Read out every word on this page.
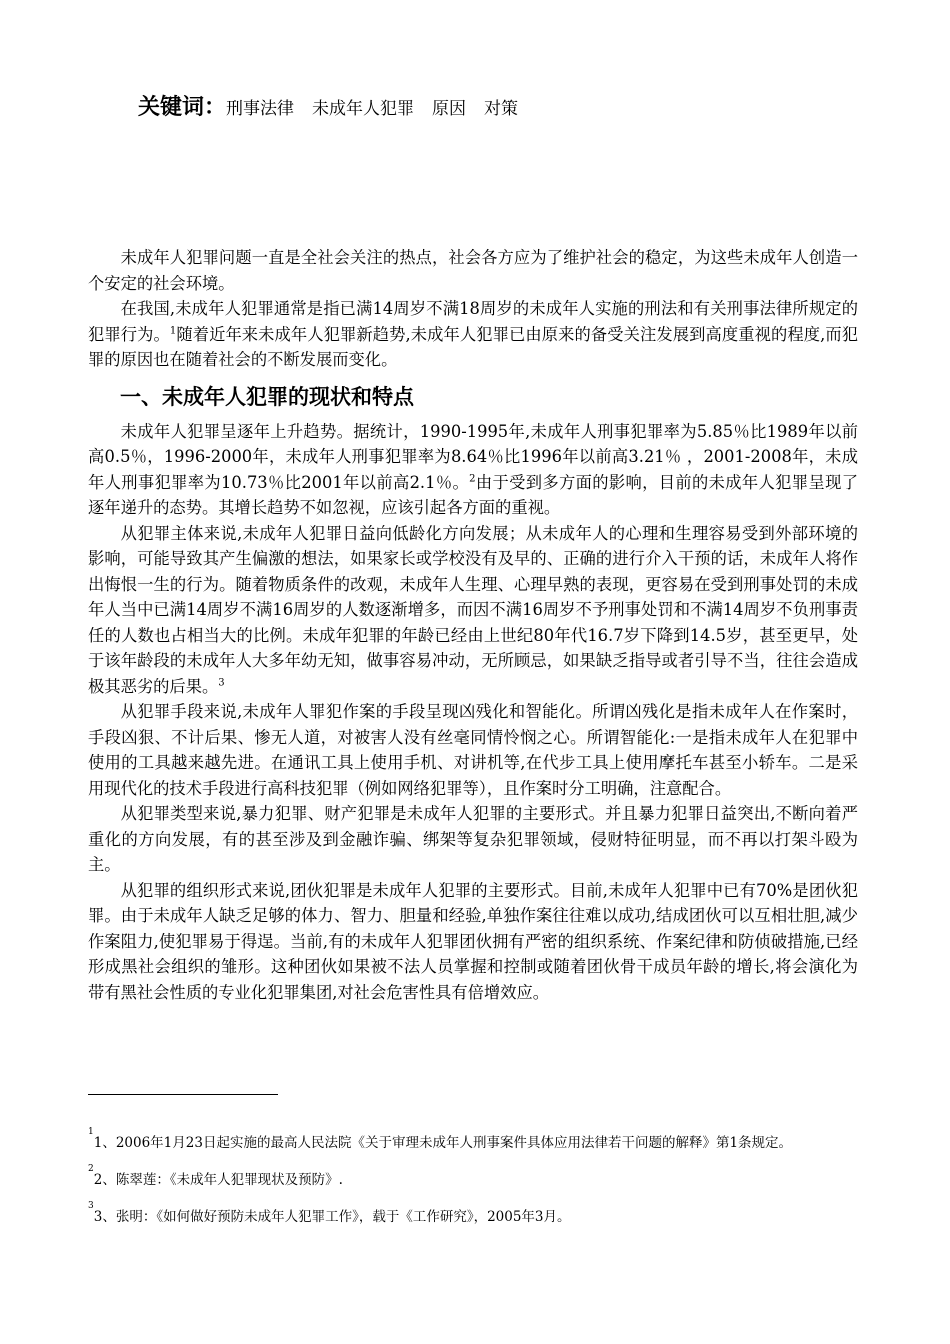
关键词：刑事法律 未成年人犯罪 原因 对策

未成年人犯罪问题一直是全社会关注的热点，社会各方应为了维护社会的稳定，为这些未成年人创造一个安定的社会环境。

在我国,未成年人犯罪通常是指已满14周岁不满18周岁的未成年人实施的刑法和有关刑事法律所规定的犯罪行为。$^1$随着近年来未成年人犯罪新趋势,未成年人犯罪已由原来的备受关注发展到高度重视的程度,而犯罪的原因也在随着社会的不断发展而变化。

一、未成年人犯罪的现状和特点

未成年人犯罪呈逐年上升趋势。据统计，1990-1995年,未成年人刑事犯罪率为5.85％比1989年以前高0.5％，1996-2000年，未成年人刑事犯罪率为8.64％比1996年以前高3.21％ ，2001-2008年，未成年人刑事犯罪率为10.73％比2001年以前高2.1％。$^2$由于受到多方面的影响，目前的未成年人犯罪呈现了逐年递升的态势。其增长趋势不如忽视，应该引起各方面的重视。

从犯罪主体来说,未成年人犯罪日益向低龄化方向发展；从未成年人的心理和生理容易受到外部环境的影响，可能导致其产生偏激的想法，如果家长或学校没有及早的、正确的进行介入干预的话，未成年人将作出悔恨一生的行为。随着物质条件的改观，未成年人生理、心理早熟的表现，更容易在受到刑事处罚的未成年人当中已满14周岁不满16周岁的人数逐渐增多，而因不满16周岁不予刑事处罚和不满14周岁不负刑事责任的人数也占相当大的比例。未成年犯罪的年龄已经由上世纪80年代16.7岁下降到14.5岁，甚至更早，处于该年龄段的未成年人大多年幼无知，做事容易冲动，无所顾忌，如果缺乏指导或者引导不当，往往会造成极其恶劣的后果。$^3$

从犯罪手段来说,未成年人罪犯作案的手段呈现凶残化和智能化。所谓凶残化是指未成年人在作案时，手段凶狠、不计后果、惨无人道，对被害人没有丝毫同情怜悯之心。所谓智能化:一是指未成年人在犯罪中使用的工具越来越先进。在通讯工具上使用手机、对讲机等,在代步工具上使用摩托车甚至小轿车。二是采用现代化的技术手段进行高科技犯罪（例如网络犯罪等），且作案时分工明确，注意配合。

从犯罪类型来说,暴力犯罪、财产犯罪是未成年人犯罪的主要形式。并且暴力犯罪日益突出,不断向着严重化的方向发展，有的甚至涉及到金融诈骗、绑架等复杂犯罪领域，侵财特征明显，而不再以打架斗殴为主。

从犯罪的组织形式来说,团伙犯罪是未成年人犯罪的主要形式。目前,未成年人犯罪中已有70%是团伙犯罪。由于未成年人缺乏足够的体力、智力、胆量和经验,单独作案往往难以成功,结成团伙可以互相壮胆,减少作案阻力,使犯罪易于得逞。当前,有的未成年人犯罪团伙拥有严密的组织系统、作案纪律和防侦破措施,已经形成黑社会组织的雏形。这种团伙如果被不法人员掌握和控制或随着团伙骨干成员年龄的增长,将会演化为带有黑社会性质的专业化犯罪集团,对社会危害性具有倍增效应。

$^1$1、2006年1月23日起实施的最高人民法院《关于审理未成年人刑事案件具体应用法律若干问题的解释》第1条规定。

$^2$2、陈翠莲：《未成年人犯罪现状及预防》.

$^3$3、张明：《如何做好预防未成年人犯罪工作》，载于《工作研究》，2005年3月。
